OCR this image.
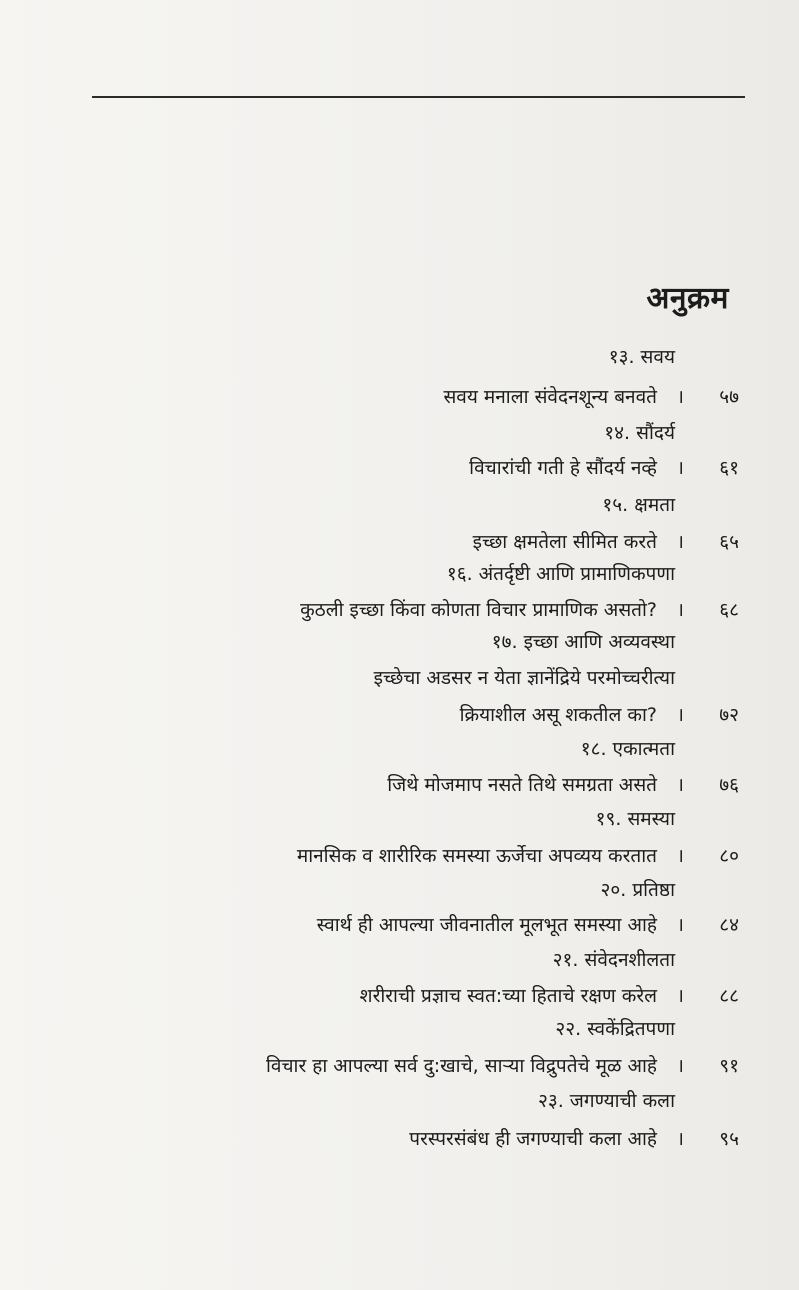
अनुक्रम
१३. सवय
सवय मनाला संवेदनशून्य बनवते ।	५७
१४. सौंदर्य
विचारांची गती हे सौंदर्य नव्हे ।	६१
१५. क्षमता
इच्छा क्षमतेला सीमित करते ।	६५
१६. अंतर्दृष्टी आणि प्रामाणिकपणा
कुठली इच्छा किंवा कोणता विचार प्रामाणिक असतो? ।	६८
१७. इच्छा आणि अव्यवस्था
इच्छेचा अडसर न येता ज्ञानेंद्रिये परमोच्चरीत्या
क्रियाशील असू शकतील का? ।	७२
१८. एकात्मता
जिथे मोजमाप नसते तिथे समग्रता असते ।	७६
१९. समस्या
मानसिक व शारीरिक समस्या ऊर्जेचा अपव्यय करतात ।	८०
२०. प्रतिष्ठा
स्वार्थ ही आपल्या जीवनातील मूलभूत समस्या आहे ।	८४
२१. संवेदनशीलता
शरीराची प्रज्ञाच स्वत:च्या हिताचे रक्षण करेल ।	८८
२२. स्वकेंद्रितपणा
विचार हा आपल्या सर्व दु:खाचे, साऱ्या विद्रुपतेचे मूळ आहे ।	९१
२३. जगण्याची कला
परस्परसंबंध ही जगण्याची कला आहे ।	९५
